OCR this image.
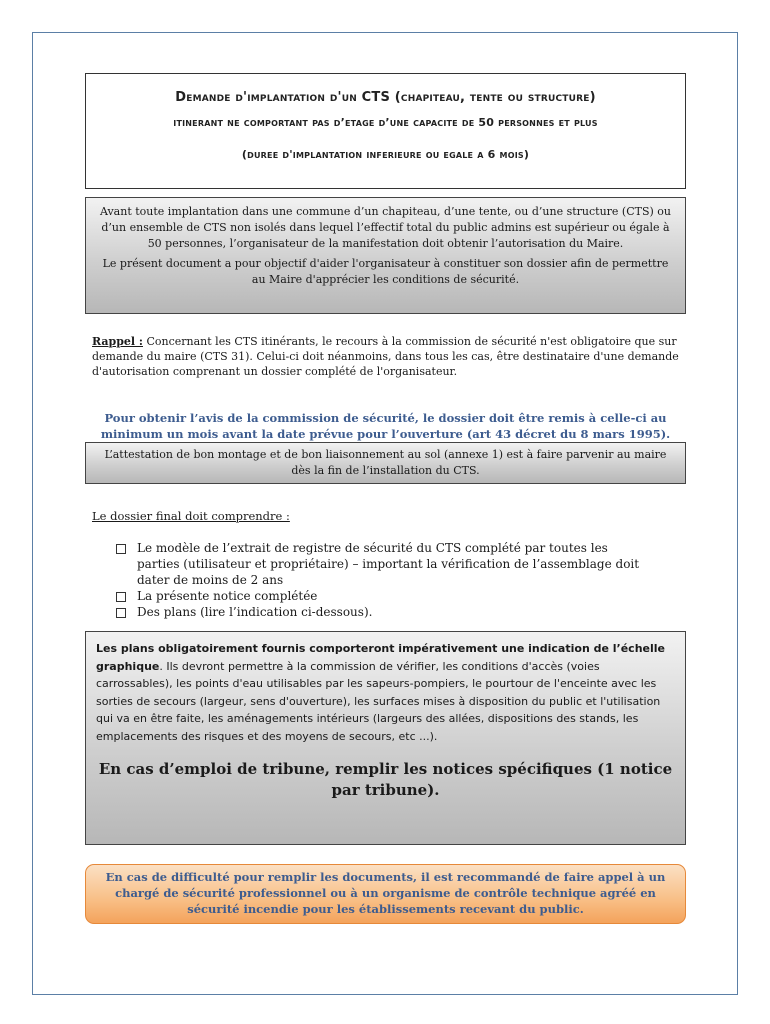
Demande d'implantation d'un CTS (chapiteau, tente ou structure)
itinerant ne comportant pas d’etage d’une capacite de 50 personnes et plus
(duree d'implantation inferieure ou egale a 6 mois)

Avant toute implantation dans une commune d’un chapiteau, d’une tente, ou d’une structure (CTS) ou d’un ensemble de CTS non isolés dans lequel l’effectif total du public admins est supérieur ou égale à 50 personnes, l’organisateur de la manifestation doit obtenir l’autorisation du Maire.

Le présent document a pour objectif d'aider l'organisateur à constituer son dossier afin de permettre au Maire d'apprécier les conditions de sécurité.

Rappel : Concernant les CTS itinérants, le recours à la commission de sécurité n'est obligatoire que sur demande du maire (CTS 31). Celui-ci doit néanmoins, dans tous les cas, être destinataire d'une demande d'autorisation comprenant un dossier complété de l'organisateur.
Pour obtenir l’avis de la commission de sécurité, le dossier doit être remis à celle-ci au minimum un mois avant la date prévue pour l’ouverture (art 43 décret du 8 mars 1995).
L’attestation de bon montage et de bon liaisonnement au sol (annexe 1) est à faire parvenir au maire dès la fin de l’installation du CTS.
Le dossier final doit comprendre :
Le modèle de l’extrait de registre de sécurité du CTS complété par toutes les parties (utilisateur et propriétaire) – important la vérification de l’assemblage doit dater de moins de 2 ans
La présente notice complétée
Des plans (lire l’indication ci-dessous).
Les plans obligatoirement fournis comporteront impérativement une indication de l’échelle graphique. Ils devront permettre à la commission de vérifier, les conditions d'accès (voies carrossables), les points d'eau utilisables par les sapeurs-pompiers, le pourtour de l'enceinte avec les sorties de secours (largeur, sens d'ouverture), les surfaces mises à disposition du public et l'utilisation qui va en être faite, les aménagements intérieurs (largeurs des allées, dispositions des stands, les emplacements des risques et des moyens de secours, etc ...).
En cas d’emploi de tribune, remplir les notices spécifiques (1 notice par tribune).
En cas de difficulté pour remplir les documents, il est recommandé de faire appel à un chargé de sécurité professionnel ou à un organisme de contrôle technique agréé en sécurité incendie pour les établissements recevant du public.
